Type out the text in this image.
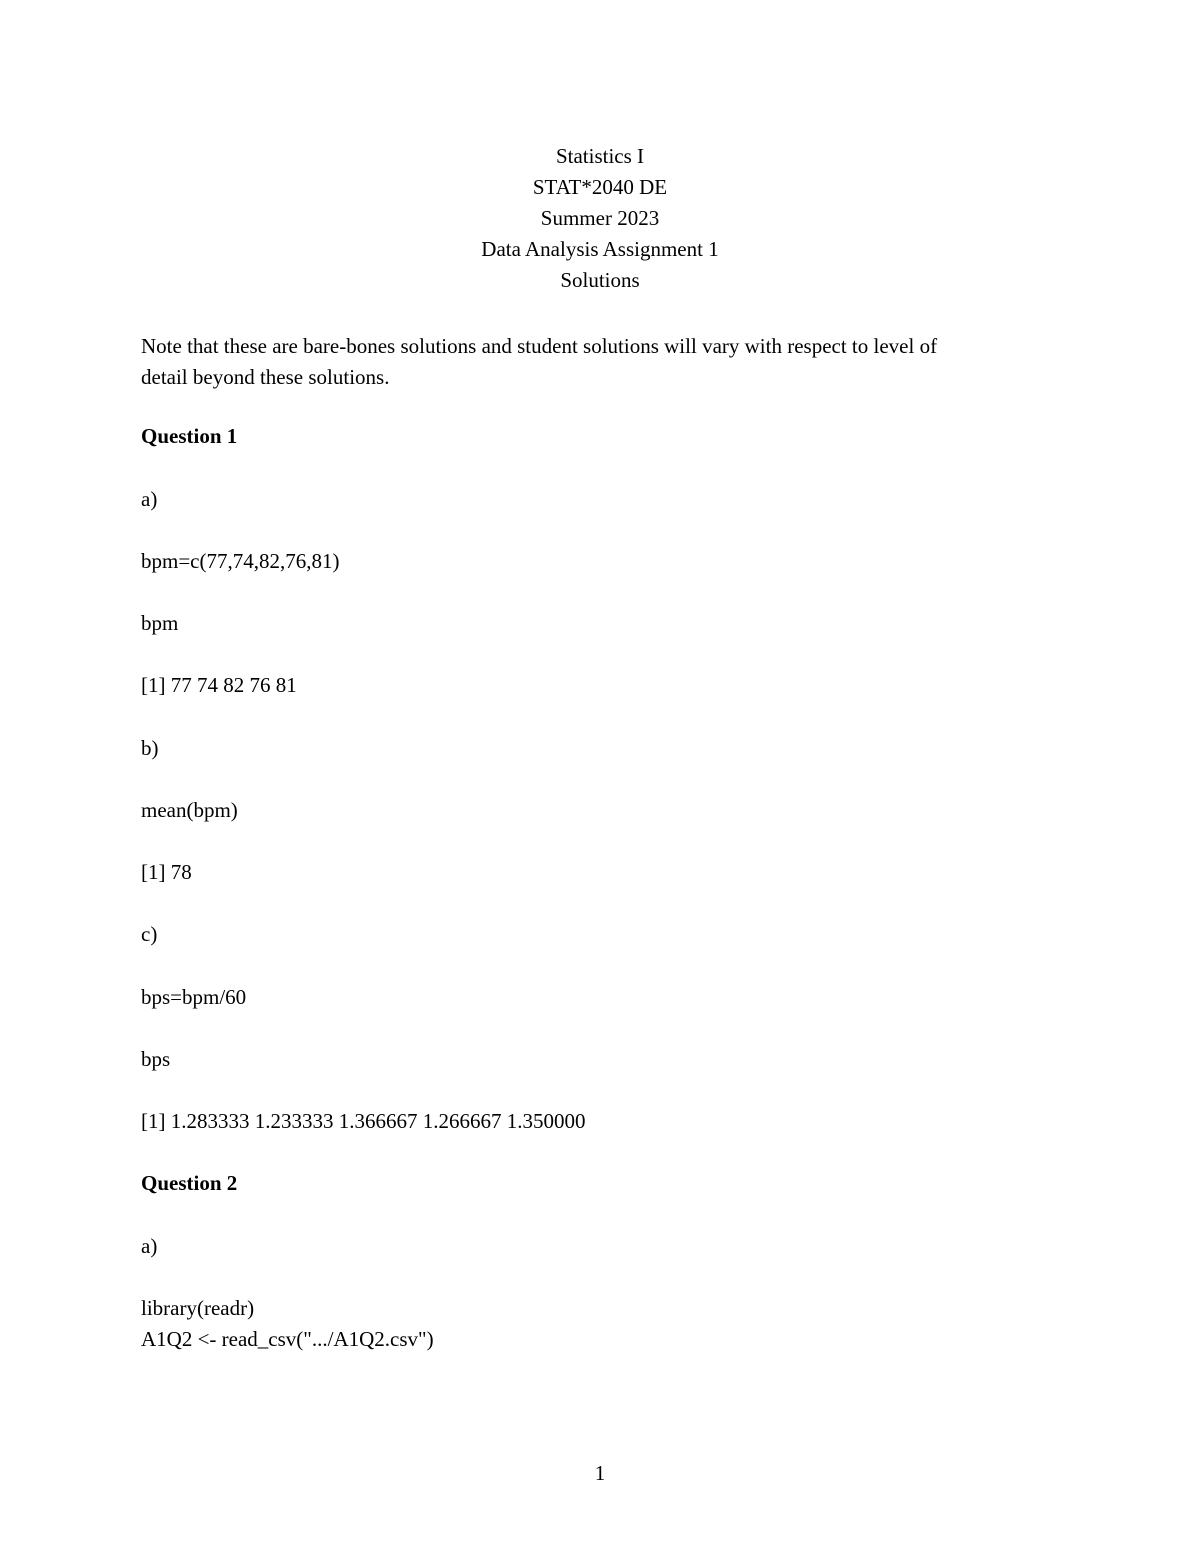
Statistics I
STAT*2040 DE
Summer 2023
Data Analysis Assignment 1
Solutions
Note that these are bare-bones solutions and student solutions will vary with respect to level of
detail beyond these solutions.
Question 1
a)
bpm=c(77,74,82,76,81)
bpm
[1] 77 74 82 76 81
b)
mean(bpm)
[1] 78
c)
bps=bpm/60
bps
[1] 1.283333 1.233333 1.366667 1.266667 1.350000
Question 2
a)
library(readr)
A1Q2 <- read_csv(".../A1Q2.csv")
1
